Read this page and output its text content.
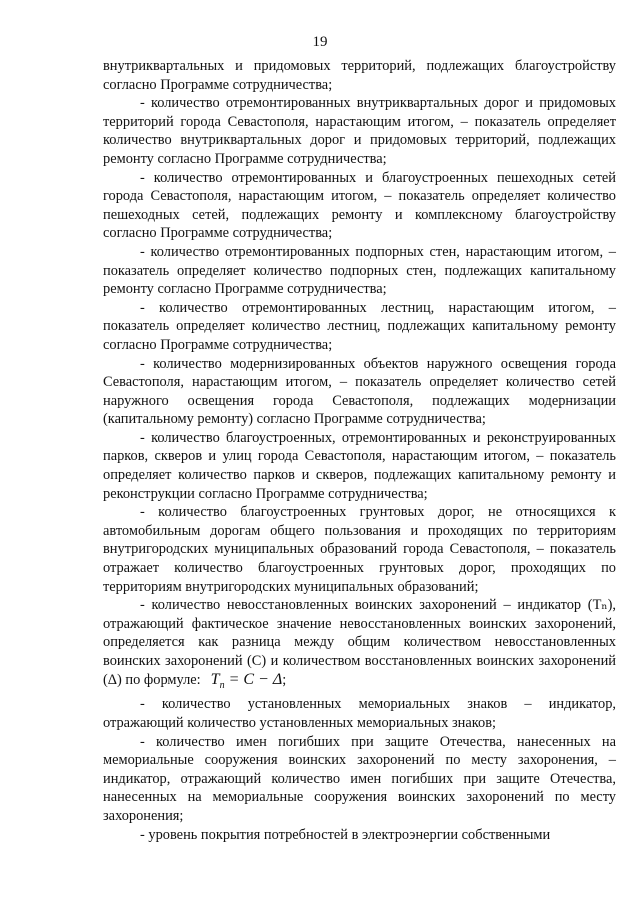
19

внутриквартальных и придомовых территорий, подлежащих благоустройству согласно Программе сотрудничества;

- количество отремонтированных внутриквартальных дорог и придомовых территорий города Севастополя, нарастающим итогом, – показатель определяет количество внутриквартальных дорог и придомовых территорий, подлежащих ремонту согласно Программе сотрудничества;

- количество отремонтированных и благоустроенных пешеходных сетей города Севастополя, нарастающим итогом, – показатель определяет количество пешеходных сетей, подлежащих ремонту и комплексному благоустройству согласно Программе сотрудничества;

- количество отремонтированных подпорных стен, нарастающим итогом, – показатель определяет количество подпорных стен, подлежащих капитальному ремонту согласно Программе сотрудничества;

- количество отремонтированных лестниц, нарастающим итогом, – показатель определяет количество лестниц, подлежащих капитальному ремонту согласно Программе сотрудничества;

- количество модернизированных объектов наружного освещения города Севастополя, нарастающим итогом, – показатель определяет количество сетей наружного освещения города Севастополя, подлежащих модернизации (капитальному ремонту) согласно Программе сотрудничества;

- количество благоустроенных, отремонтированных и реконструированных парков, скверов и улиц города Севастополя, нарастающим итогом, – показатель определяет количество парков и скверов, подлежащих капитальному ремонту и реконструкции согласно Программе сотрудничества;

- количество благоустроенных грунтовых дорог, не относящихся к автомобильным дорогам общего пользования и проходящих по территориям внутригородских муниципальных образований города Севастополя, – показатель отражает количество благоустроенных грунтовых дорог, проходящих по территориям внутригородских муниципальных образований;

- количество невосстановленных воинских захоронений – индикатор (Tₙ), отражающий фактическое значение невосстановленных воинских захоронений, определяется как разница между общим количеством невосстановленных воинских захоронений (С) и количеством восстановленных воинских захоронений (Δ) по формуле: $T_n = C - \Delta$;

- количество установленных мемориальных знаков – индикатор, отражающий количество установленных мемориальных знаков;

- количество имен погибших при защите Отечества, нанесенных на мемориальные сооружения воинских захоронений по месту захоронения, – индикатор, отражающий количество имен погибших при защите Отечества, нанесенных на мемориальные сооружения воинских захоронений по месту захоронения;

- уровень покрытия потребностей в электроэнергии собственными
